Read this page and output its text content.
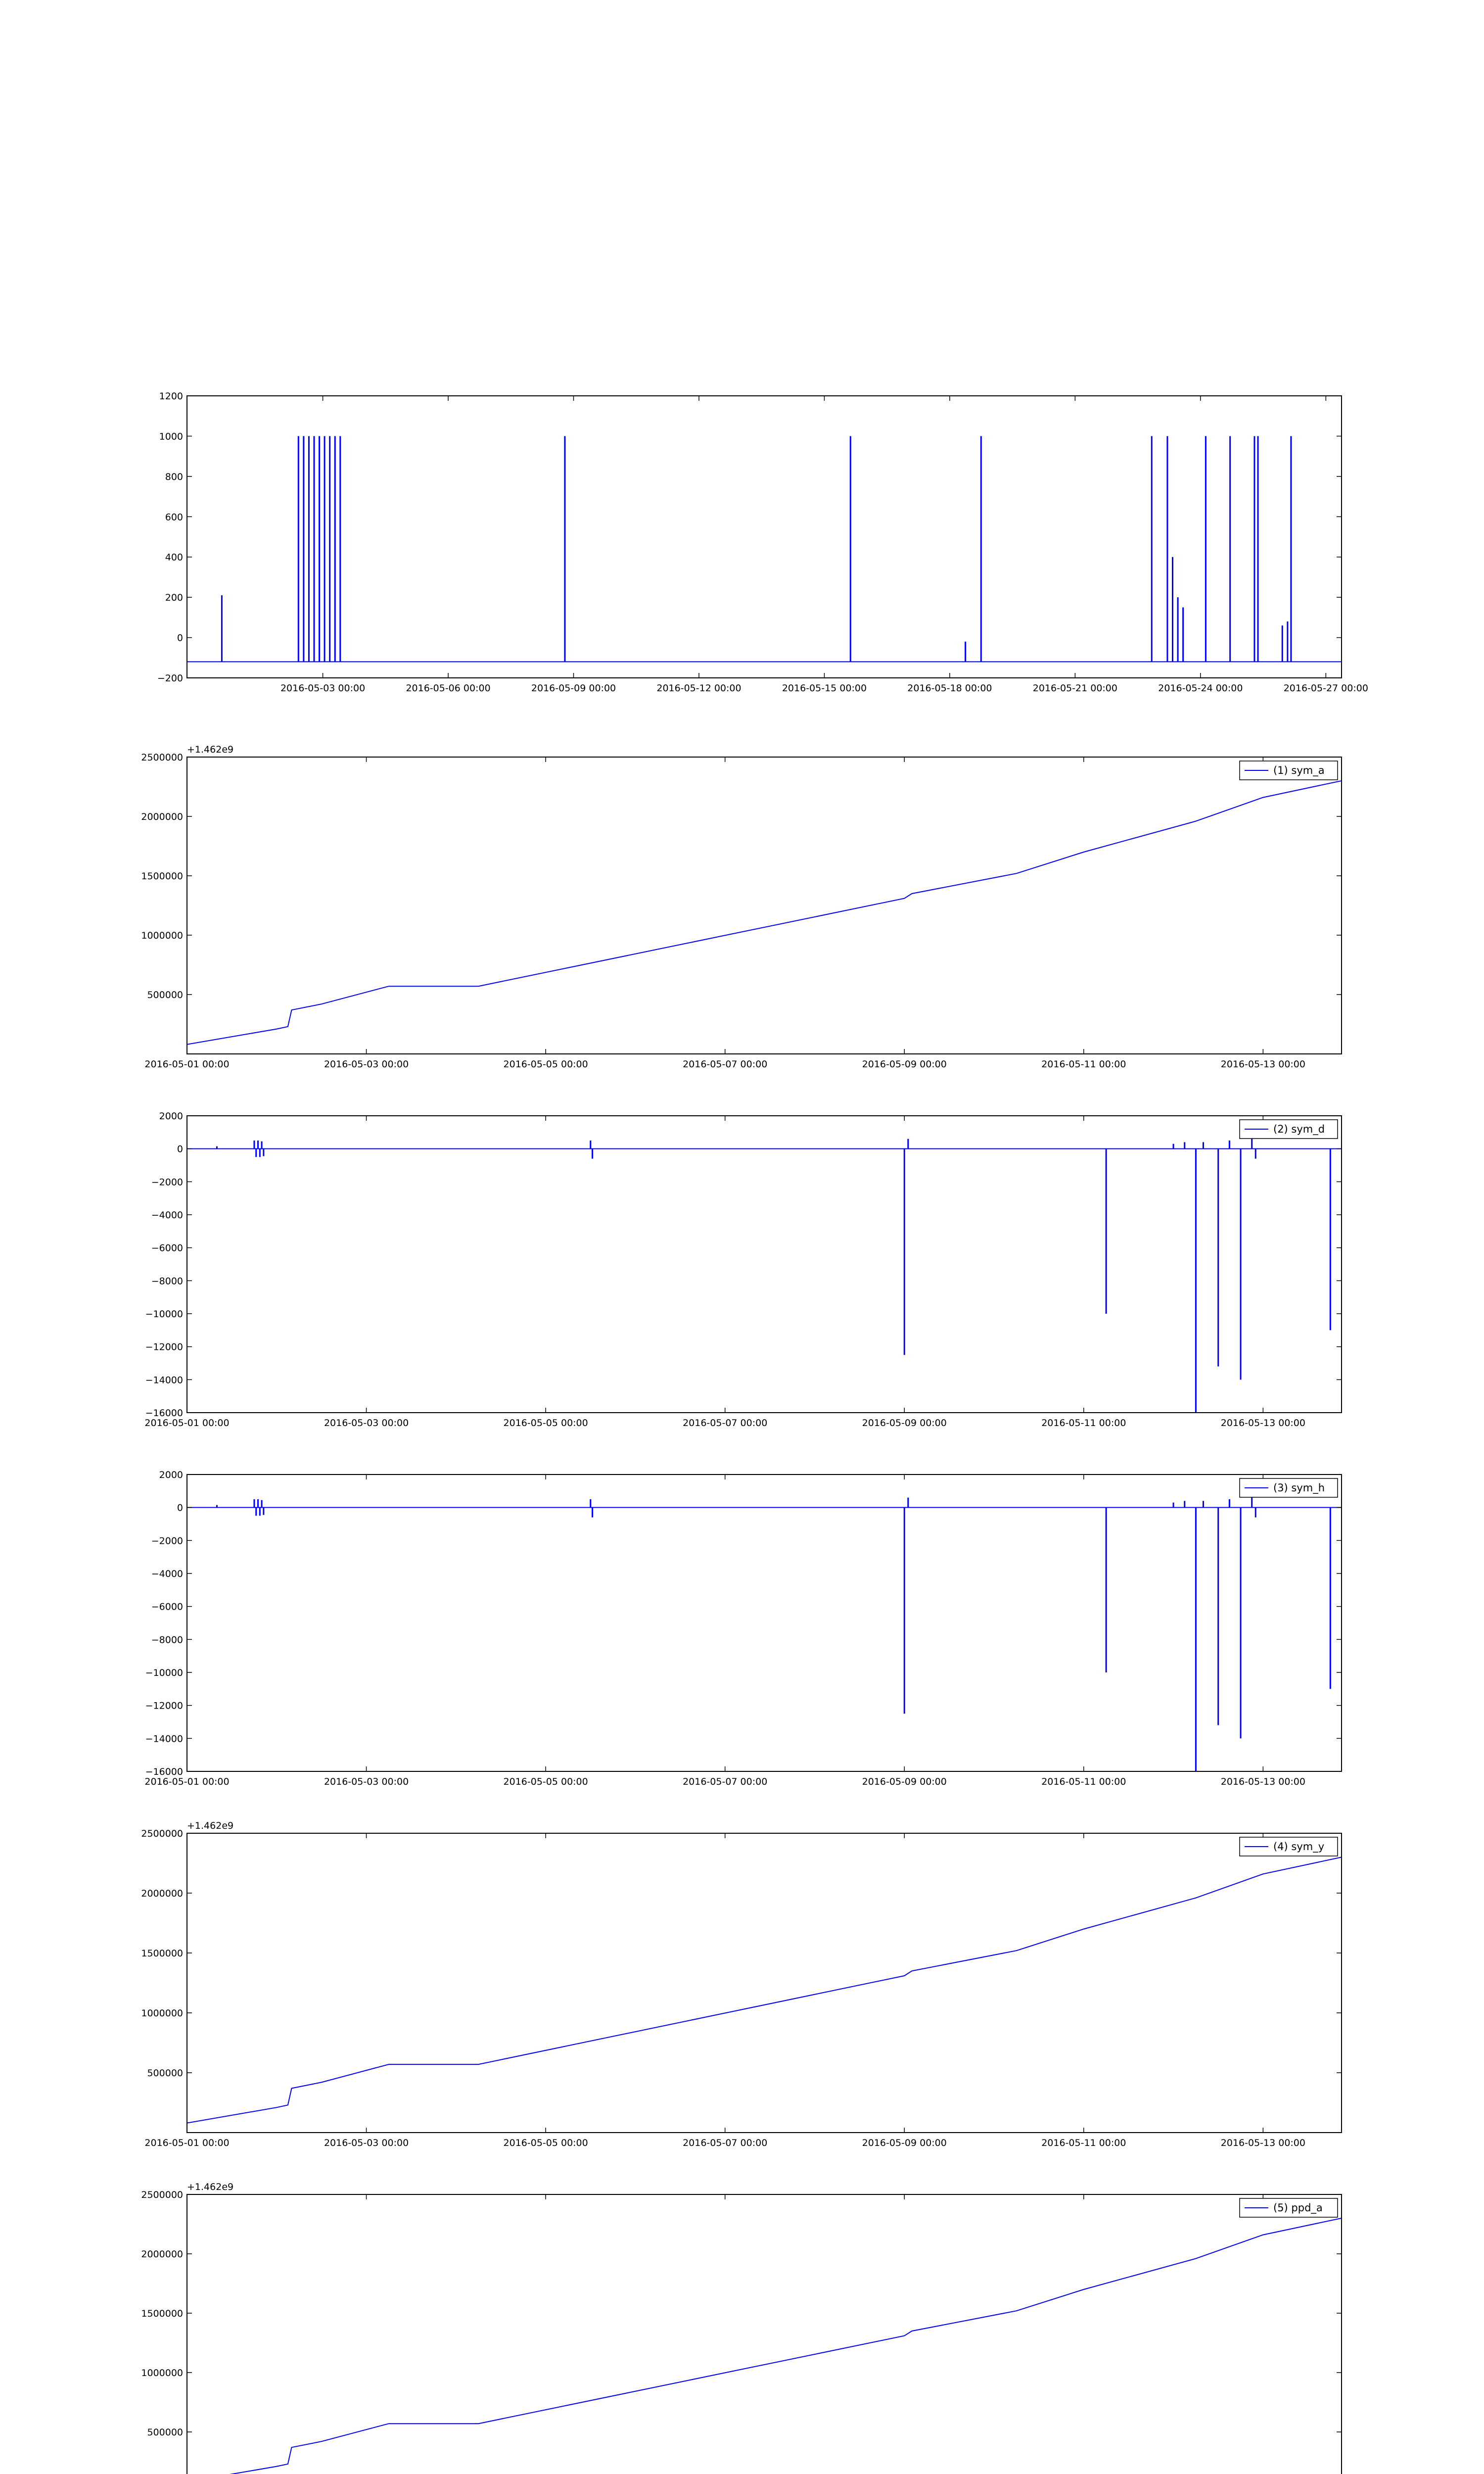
−200
0
200
400
600
800
1000
1200
2016-05-03 00:00	2016-05-06 00:00	2016-05-09 00:00	2016-05-12 00:00	2016-05-15 00:00	2016-05-18 00:00	2016-05-21 00:00	2016-05-24 00:00	2016-05-27 00:00
500000
1000000
1500000
2000000
2500000
2016-05-01 00:00	2016-05-03 00:00	2016-05-05 00:00	2016-05-07 00:00	2016-05-09 00:00	2016-05-11 00:00	2016-05-13 00:00
+1.462e9
(1) sym_a
−16000
−14000
−12000
−10000
−8000
−6000
−4000
−2000
0
2000
2016-05-01 00:00	2016-05-03 00:00	2016-05-05 00:00	2016-05-07 00:00	2016-05-09 00:00	2016-05-11 00:00	2016-05-13 00:00
(2) sym_d
−16000
−14000
−12000
−10000
−8000
−6000
−4000
−2000
0
2000
2016-05-01 00:00	2016-05-03 00:00	2016-05-05 00:00	2016-05-07 00:00	2016-05-09 00:00	2016-05-11 00:00	2016-05-13 00:00
(3) sym_h
500000
1000000
1500000
2000000
2500000
2016-05-01 00:00	2016-05-03 00:00	2016-05-05 00:00	2016-05-07 00:00	2016-05-09 00:00	2016-05-11 00:00	2016-05-13 00:00
+1.462e9
(4) sym_y
500000
1000000
1500000
2000000
2500000
+1.462e9
(5) ppd_a
